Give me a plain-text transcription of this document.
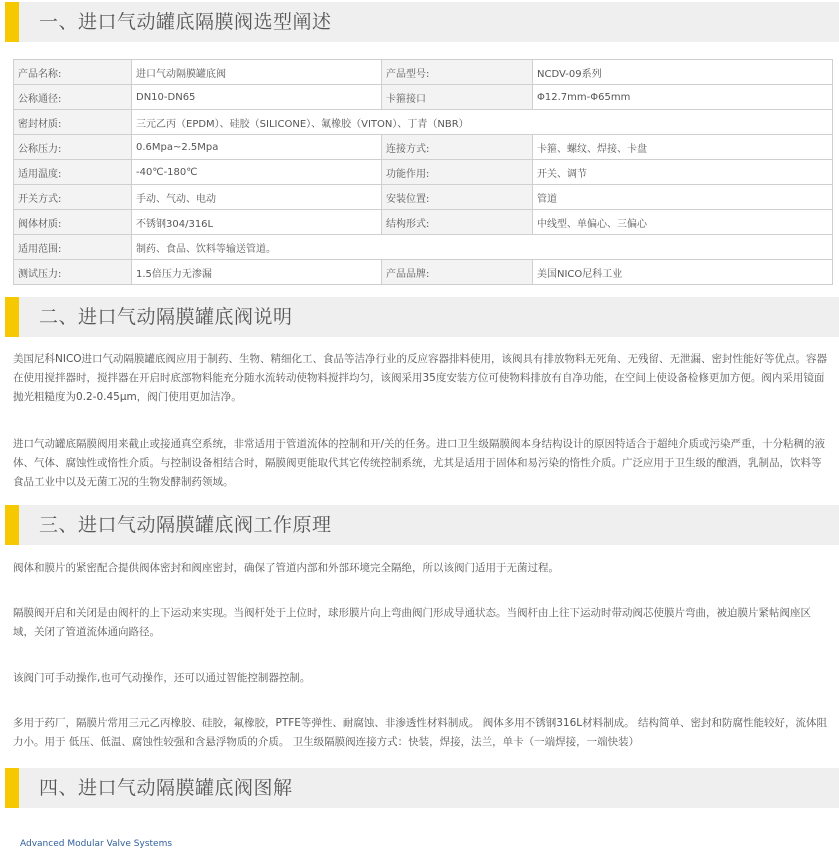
一、进口气动罐底隔膜阀选型阐述
产品名称:	进口气动隔膜罐底阀	产品型号:	NCDV-09系列
公称通径:	DN10-DN65	卡箍接口	Φ12.7mm-Φ65mm
密封材质:	三元乙丙（EPDM）、硅胶（SILICONE）、氟橡胶（VITON）、丁青（NBR）		
公称压力:	0.6Mpa~2.5Mpa	连接方式:	卡箍、螺纹、焊接、卡盘
适用温度:	-40℃-180℃	功能作用:	开关、调节
开关方式:	手动、气动、电动	安装位置:	管道
阀体材质:	不锈钢304/316L	结构形式:	中线型、单偏心、三偏心
适用范围:	制药、食品、饮料等输送管道。		
测试压力:	1.5倍压力无渗漏	产品品牌:	美国NICO尼科工业
二、进口气动隔膜罐底阀说明

美国尼科NICO进口气动隔膜罐底阀应用于制药、生物、精细化工、食品等洁净行业的反应容器排料使用，该阀具有排放物料无死角、无残留、无泄漏、密封性能好等优点。容器在使用搅拌器时，搅拌器在开启时底部物料能充分随水流转动使物料搅拌均匀，该阀采用35度安装方位可使物料排放有自净功能，在空间上使设备检修更加方便。阀内采用镜面抛光粗糙度为0.2-0.45μm，阀门使用更加洁净。

进口气动罐底隔膜阀用来截止或接通真空系统，非常适用于管道流体的控制和开/关的任务。进口卫生级隔膜阀本身结构设计的原因特适合于超纯介质或污染严重，十分粘稠的液体、气体、腐蚀性或惰性介质。与控制设备相结合时，隔膜阀更能取代其它传统控制系统，尤其是适用于固体和易污染的惰性介质。广泛应用于卫生级的酿酒，乳制品，饮料等食品工业中以及无菌工况的生物发酵制药领域。

三、进口气动隔膜罐底阀工作原理

阀体和膜片的紧密配合提供阀体密封和阀座密封，确保了管道内部和外部环境完全隔绝，所以该阀门适用于无菌过程。

隔膜阀开启和关闭是由阀杆的上下运动来实现。当阀杆处于上位时，球形膜片向上弯曲阀门形成导通状态。当阀杆由上往下运动时带动阀芯使膜片弯曲，被迫膜片紧帖阀座区域，关闭了管道流体通向路径。

该阀门可手动操作,也可气动操作，还可以通过智能控制器控制。

多用于药厂，隔膜片常用三元乙丙橡胶、硅胶，氟橡胶，PTFE等弹性、耐腐蚀、非渗透性材料制成。 阀体多用不锈钢316L材料制成。 结构简单、密封和防腐性能较好，流体阻力小。用于 低压、低温、腐蚀性较强和含悬浮物质的介质。 卫生级隔膜阀连接方式：快装，焊接，法兰，单卡（一端焊接，一端快装）

四、进口气动隔膜罐底阀图解
Advanced Modular Valve Systems
